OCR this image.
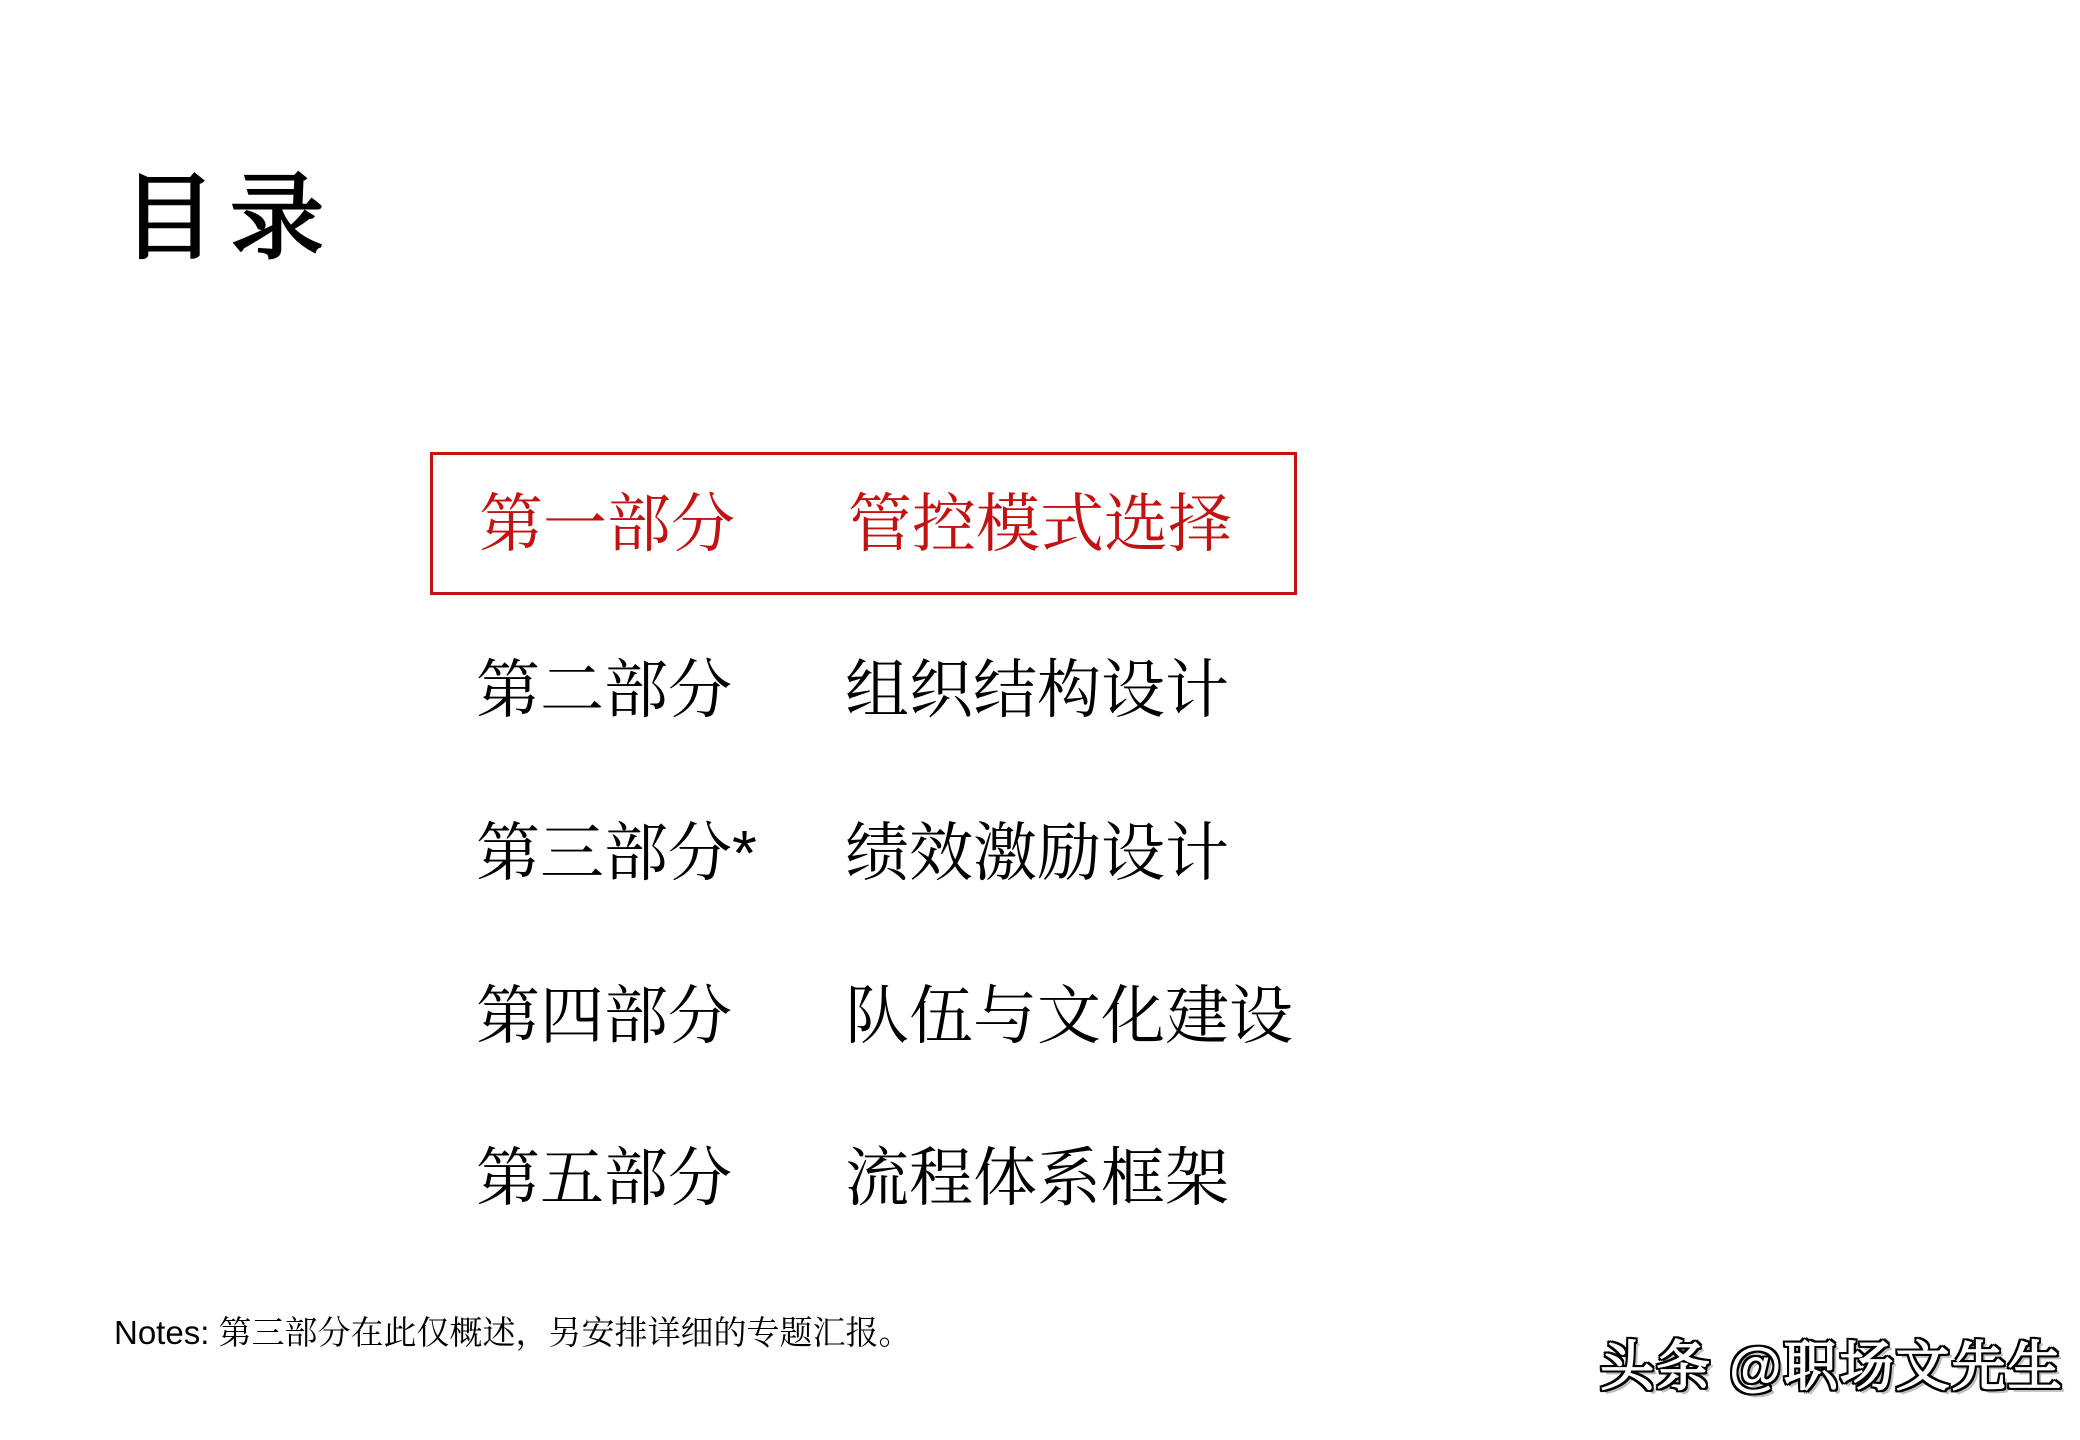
目录
第一部分	管控模式选择
第二部分	组织结构设计
第三部分*	绩效激励设计
第四部分	队伍与文化建设
第五部分	流程体系框架

Notes: 第三部分在此仅概述，另安排详细的专题汇报。

头条 @职场文先生
